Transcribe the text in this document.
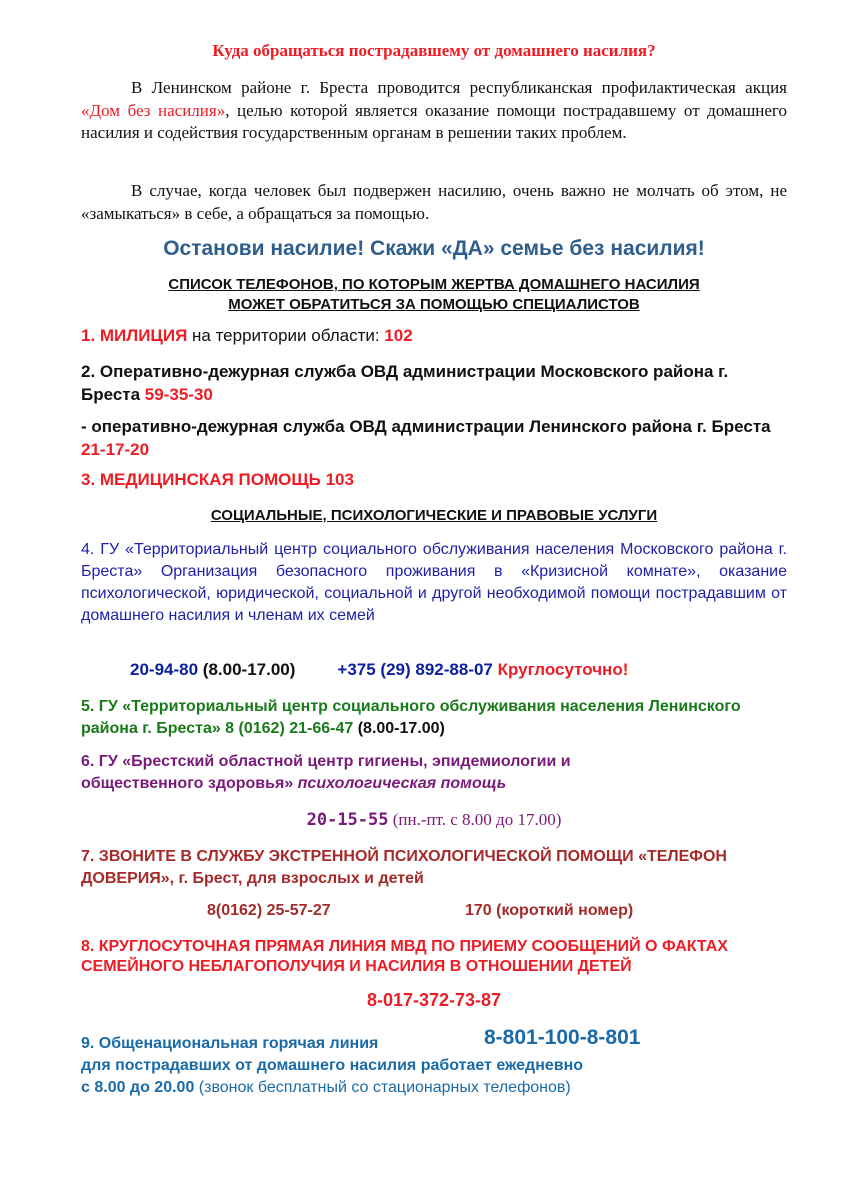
Куда обращаться пострадавшему от домашнего насилия?
В Ленинском районе г. Бреста проводится республиканская профилактическая акция «Дом без насилия», целью которой является оказание помощи пострадавшему от домашнего насилия и содействия государственным органам в решении таких проблем.
В случае, когда человек был подвержен насилию, очень важно не молчать об этом, не «замыкаться» в себе, а обращаться за помощью.
Останови насилие! Скажи «ДА» семье без насилия!
СПИСОК ТЕЛЕФОНОВ, ПО КОТОРЫМ ЖЕРТВА ДОМАШНЕГО НАСИЛИЯ
МОЖЕТ ОБРАТИТЬСЯ ЗА ПОМОЩЬЮ СПЕЦИАЛИСТОВ
1. МИЛИЦИЯ на территории области: 102
2. Оперативно-дежурная служба ОВД администрации Московского района г. Бреста 59-35-30
- оперативно-дежурная служба ОВД администрации Ленинского района г. Бреста 21-17-20
3. МЕДИЦИНСКАЯ ПОМОЩЬ 103
СОЦИАЛЬНЫЕ, ПСИХОЛОГИЧЕСКИЕ И ПРАВОВЫЕ УСЛУГИ
4. ГУ «Территориальный центр социального обслуживания населения Московского района г. Бреста» Организация безопасного проживания в «Кризисной комнате», оказание психологической, юридической, социальной и другой необходимой помощи пострадавшим от домашнего насилия и членам их семей
20-94-80 (8.00-17.00) +375 (29) 892-88-07 Круглосуточно!
5. ГУ «Территориальный центр социального обслуживания населения Ленинского района г. Бреста» 8 (0162) 21-66-47 (8.00-17.00)
6. ГУ «Брестский областной центр гигиены, эпидемиологии и общественного здоровья» психологическая помощь
20-15-55 (пн.-пт. с 8.00 до 17.00)
7. ЗВОНИТЕ В СЛУЖБУ ЭКСТРЕННОЙ ПСИХОЛОГИЧЕСКОЙ ПОМОЩИ «ТЕЛЕФОН ДОВЕРИЯ», г. Брест, для взрослых и детей
8(0162) 25-57-27	170 (короткий номер)
8. КРУГЛОСУТОЧНАЯ ПРЯМАЯ ЛИНИЯ МВД ПО ПРИЕМУ СООБЩЕНИЙ О ФАКТАХ СЕМЕЙНОГО НЕБЛАГОПОЛУЧИЯ И НАСИЛИЯ В ОТНОШЕНИИ ДЕТЕЙ
8-017-372-73-87
9. Общенациональная горячая линия	8-801-100-8-801
для пострадавших от домашнего насилия работает ежедневно
с 8.00 до 20.00 (звонок бесплатный со стационарных телефонов)
